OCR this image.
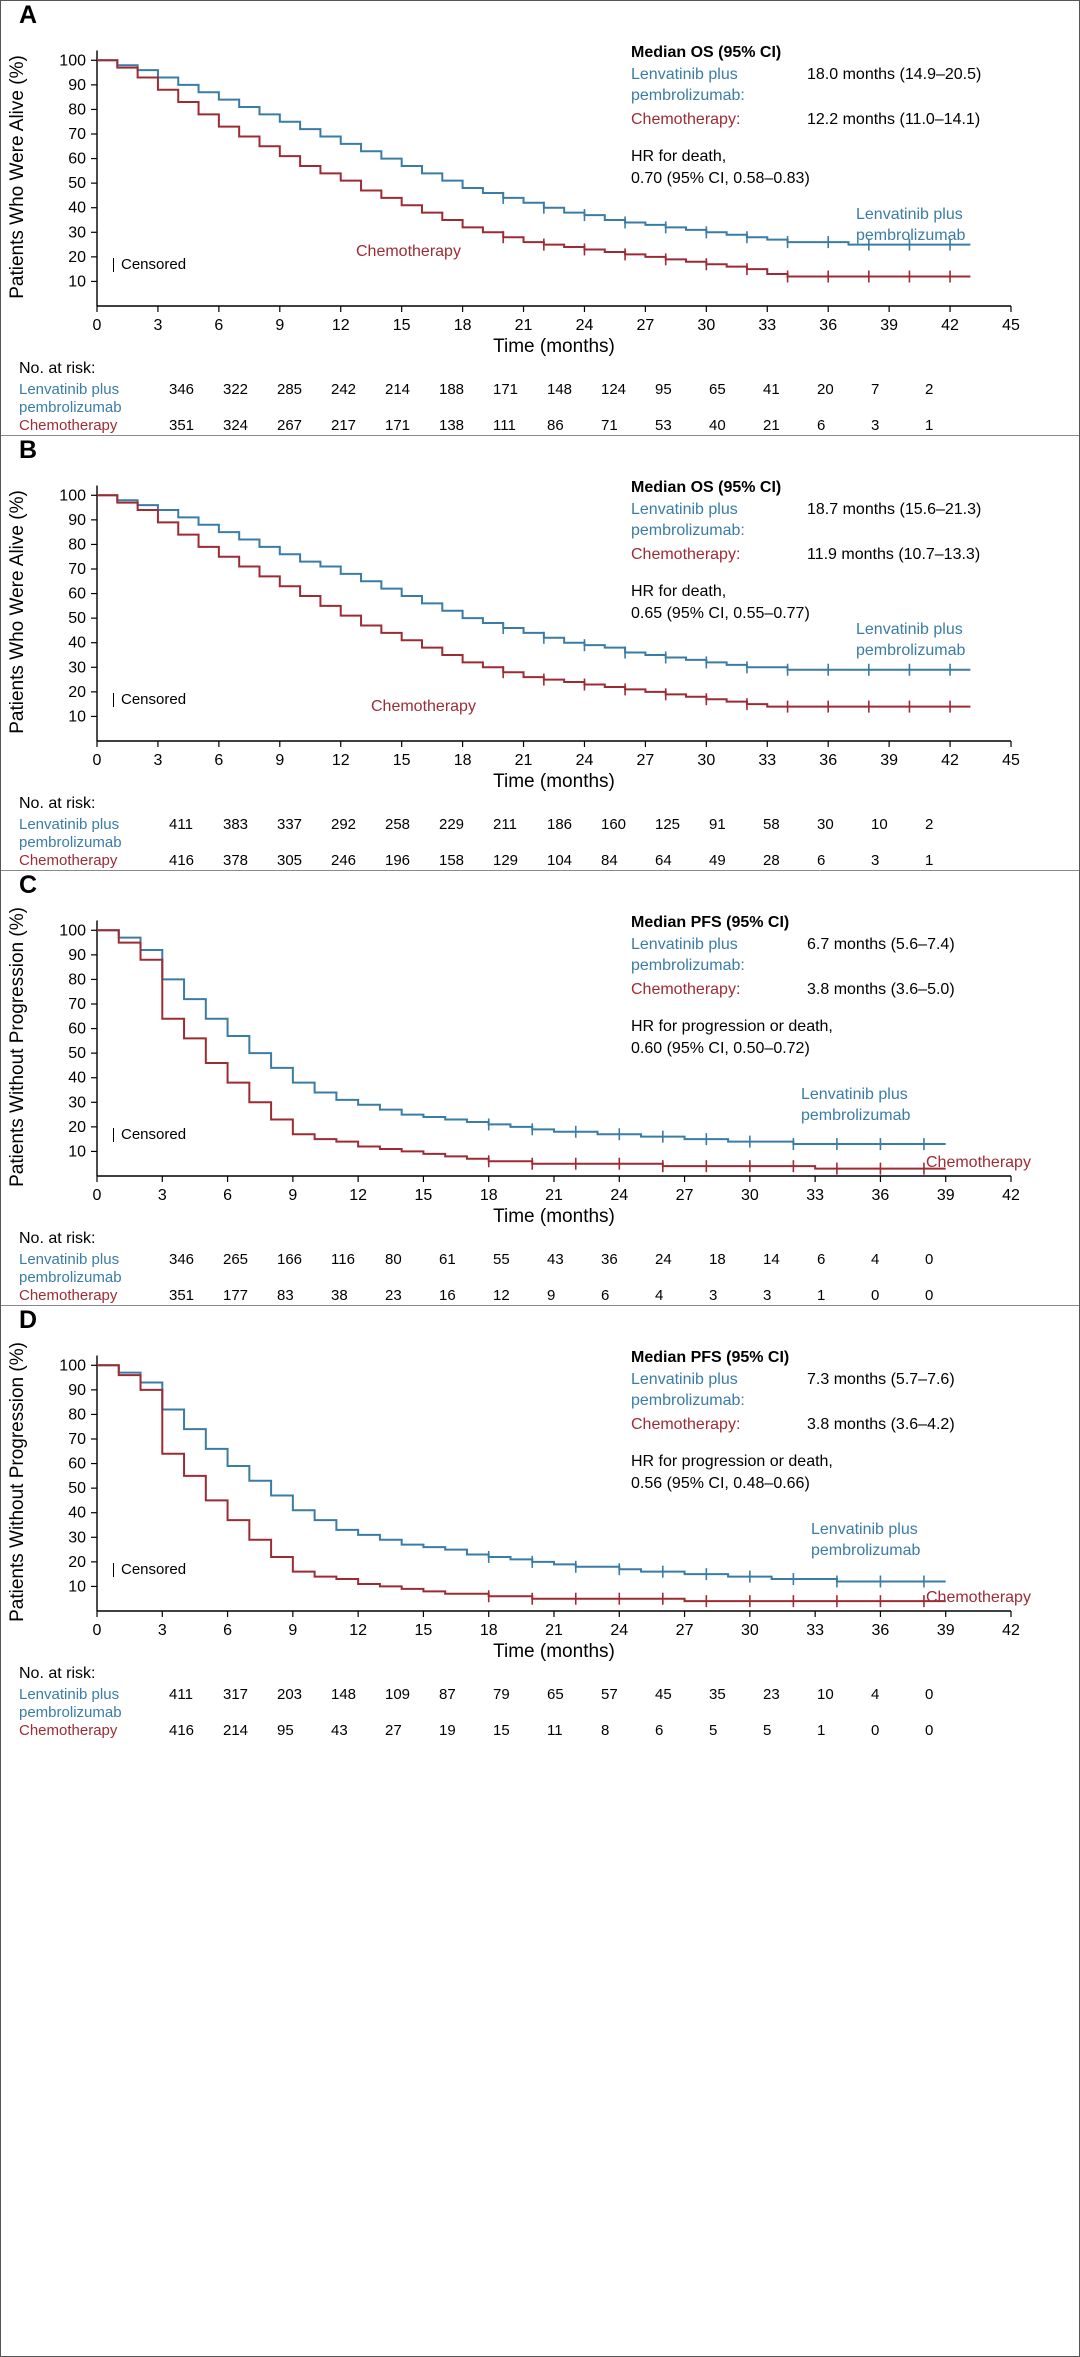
A
0	3	6	9	12	15	18	21	24	27	30	33	36	39	42	45
10
20
30
40
50
60
70
80
90
100
Patients Who Were Alive (%)
Time (months)
Median OS (95% CI)
Lenvatinib plus pembrolizumab:	18.0 months (14.9–20.5)
Chemotherapy:	12.2 months (11.0–14.1)
HR for death,
0.70 (95% CI, 0.58–0.83)
Censored
Lenvatinib plus
pembrolizumab
Chemotherapy
No. at risk:
Lenvatinib plus
pembrolizumab
346	322	285	242	214	188	171	148	124	95	65	41	20	7	2
Chemotherapy	351	324	267	217	171	138	111	86	71	53	40	21	6	3	1
B
0	3	6	9	12	15	18	21	24	27	30	33	36	39	42	45
10
20
30
40
50
60
70
80
90
100
Patients Who Were Alive (%)
Time (months)
Median OS (95% CI)
Lenvatinib plus pembrolizumab:	18.7 months (15.6–21.3)
Chemotherapy:	11.9 months (10.7–13.3)
HR for death,
0.65 (95% CI, 0.55–0.77)
Censored
Lenvatinib plus
pembrolizumab
Chemotherapy
No. at risk:
Lenvatinib plus
pembrolizumab
411	383	337	292	258	229	211	186	160	125	91	58	30	10	2
Chemotherapy	416	378	305	246	196	158	129	104	84	64	49	28	6	3	1
C
0	3	6	9	12	15	18	21	24	27	30	33	36	39	42
10
20
30
40
50
60
70
80
90
100
Patients Without Progression (%)
Time (months)
Median PFS (95% CI)
Lenvatinib plus pembrolizumab:	6.7 months (5.6–7.4)
Chemotherapy:	3.8 months (3.6–5.0)
HR for progression or death,
0.60 (95% CI, 0.50–0.72)
Censored
Lenvatinib plus
pembrolizumab
Chemotherapy
No. at risk:
Lenvatinib plus
pembrolizumab
346	265	166	116	80	61	55	43	36	24	18	14	6	4	0
Chemotherapy	351	177	83	38	23	16	12	9	6	4	3	3	1	0	0
D
0	3	6	9	12	15	18	21	24	27	30	33	36	39	42
10
20
30
40
50
60
70
80
90
100
Patients Without Progression (%)
Time (months)
Median PFS (95% CI)
Lenvatinib plus pembrolizumab:	7.3 months (5.7–7.6)
Chemotherapy:	3.8 months (3.6–4.2)
HR for progression or death,
0.56 (95% CI, 0.48–0.66)
Censored
Lenvatinib plus
pembrolizumab
Chemotherapy
No. at risk:
Lenvatinib plus
pembrolizumab
411	317	203	148	109	87	79	65	57	45	35	23	10	4	0
Chemotherapy	416	214	95	43	27	19	15	11	8	6	5	5	1	0	0
